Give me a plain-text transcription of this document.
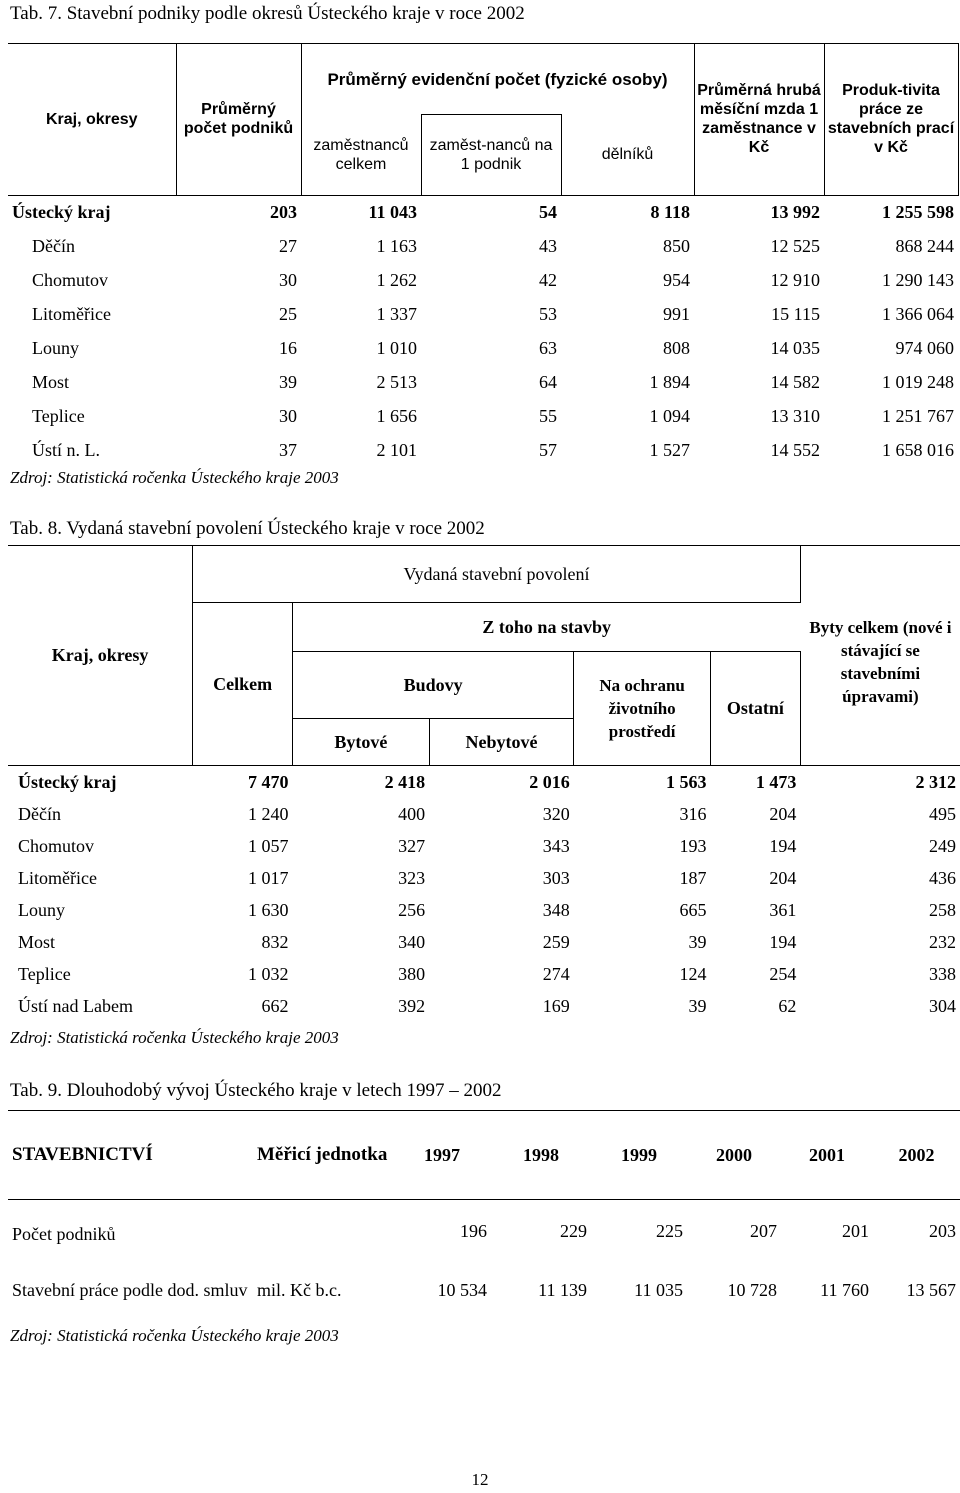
Tab. 7. Stavební podniky podle okresů Ústeckého kraje v roce 2002
Kraj, okresy	Průměrný počet podniků	Průměrný evidenční počet (fyzické osoby)			Průměrná hrubá měsíční mzda 1 zaměstnance v Kč	Produk-tivita práce ze stavebních prací v Kč
		zaměstnanců celkem	zaměst-nanců na 1 podnik	dělníků		
Ústecký kraj	203	11 043	54	8 118	13 992	1 255 598
Děčín	27	1 163	43	850	12 525	868 244
Chomutov	30	1 262	42	954	12 910	1 290 143
Litoměřice	25	1 337	53	991	15 115	1 366 064
Louny	16	1 010	63	808	14 035	974 060
Most	39	2 513	64	1 894	14 582	1 019 248
Teplice	30	1 656	55	1 094	13 310	1 251 767
Ústí n. L.	37	2 101	57	1 527	14 552	1 658 016
Zdroj: Statistická ročenka Ústeckého kraje 2003
Tab. 8. Vydaná stavební povolení Ústeckého kraje v roce 2002
Kraj, okresy	Vydaná stavební povolení					Byty celkem (nové i stávající se stavebními úpravami)
	Celkem	Z toho na stavby				
		Budovy		Na ochranu životního prostředí	Ostatní	
		Bytové	Nebytové			
Ústecký kraj	7 470	2 418	2 016	1 563	1 473	2 312
Děčín	1 240	400	320	316	204	495
Chomutov	1 057	327	343	193	194	249
Litoměřice	1 017	323	303	187	204	436
Louny	1 630	256	348	665	361	258
Most	832	340	259	39	194	232
Teplice	1 032	380	274	124	254	338
Ústí nad Labem	662	392	169	39	62	304
Zdroj: Statistická ročenka Ústeckého kraje 2003
Tab. 9. Dlouhodobý vývoj Ústeckého kraje v letech 1997 – 2002
STAVEBNICTVÍ	Měřicí jednotka	1997	1998	1999	2000	2001	2002
Počet podniků		196	229	225	207	201	203
Stavební práce podle dod. smluv	mil. Kč b.c.	10 534	11 139	11 035	10 728	11 760	13 567
Zdroj: Statistická ročenka Ústeckého kraje 2003
12
